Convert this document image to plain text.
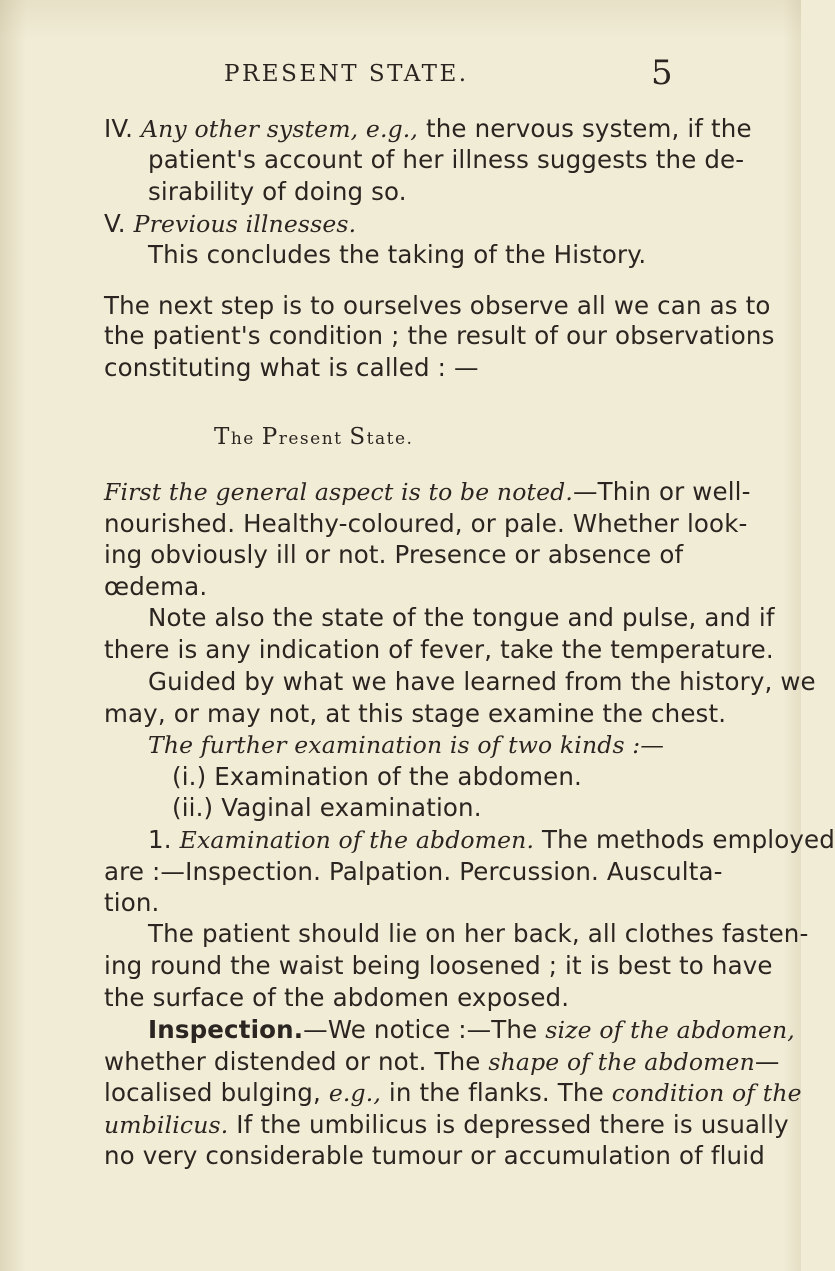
PRESENT STATE.	5
IV. Any other system, e.g., the nervous system, if the
patient's account of her illness suggests the de-
sirability of doing so.
V. Previous illnesses.
This concludes the taking of the History.
The next step is to ourselves observe all we can as to
the patient's condition ; the result of our observations
constituting what is called : —
The Present State.
First the general aspect is to be noted.—Thin or well-
nourished. Healthy-coloured, or pale. Whether look-
ing obviously ill or not. Presence or absence of
œdema.
Note also the state of the tongue and pulse, and if
there is any indication of fever, take the temperature.
Guided by what we have learned from the history, we
may, or may not, at this stage examine the chest.
The further examination is of two kinds :—
(i.) Examination of the abdomen.
(ii.) Vaginal examination.
1. Examination of the abdomen. The methods employed
are :—Inspection. Palpation. Percussion. Ausculta-
tion.
The patient should lie on her back, all clothes fasten-
ing round the waist being loosened ; it is best to have
the surface of the abdomen exposed.
Inspection.—We notice :—The size of the abdomen,
whether distended or not. The shape of the abdomen—
localised bulging, e.g., in the flanks. The condition of the
umbilicus. If the umbilicus is depressed there is usually
no very considerable tumour or accumulation of fluid
